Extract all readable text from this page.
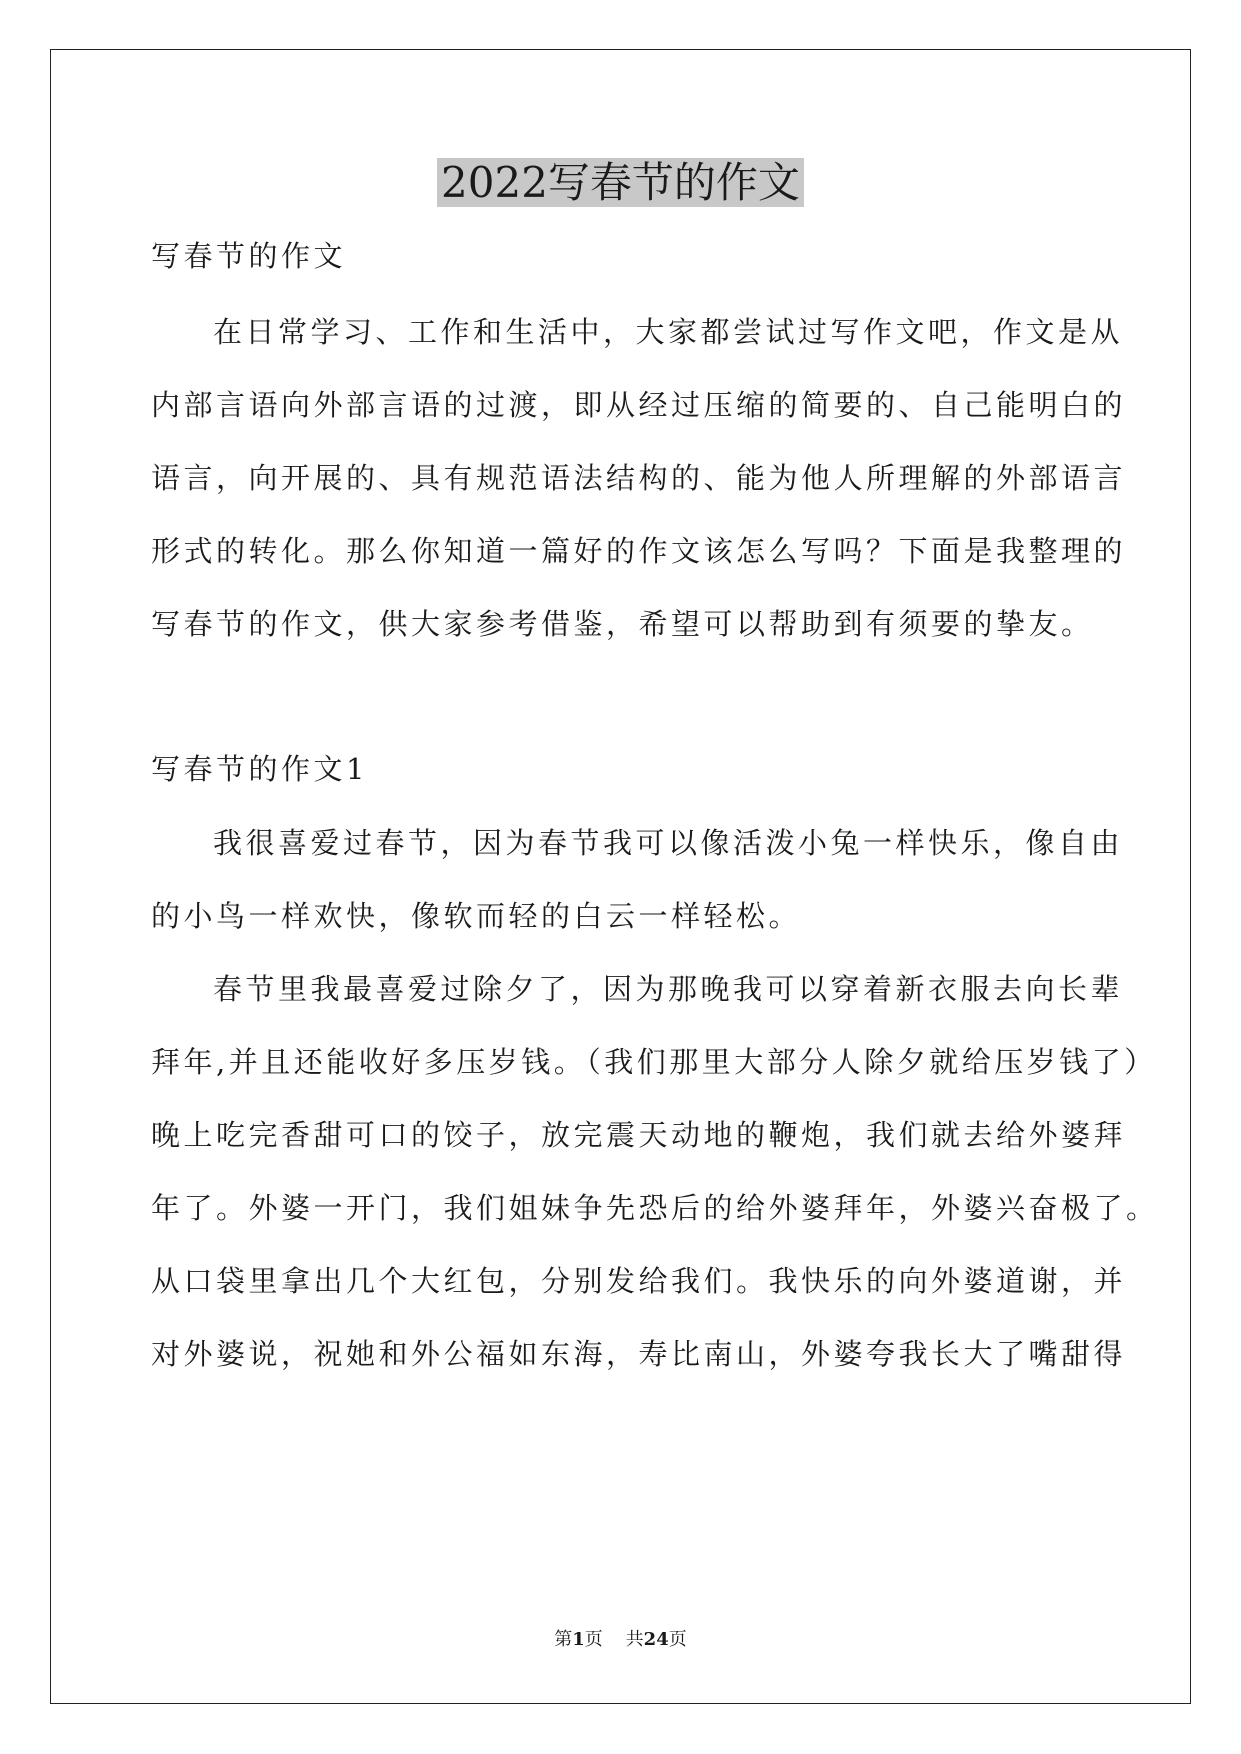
2022写春节的作文
写春节的作文
在日常学习、工作和生活中，大家都尝试过写作文吧，作文是从
内部言语向外部言语的过渡，即从经过压缩的简要的、自己能明白的
语言，向开展的、具有规范语法结构的、能为他人所理解的外部语言
形式的转化。那么你知道一篇好的作文该怎么写吗？下面是我整理的
写春节的作文，供大家参考借鉴，希望可以帮助到有须要的挚友。
写春节的作文1
我很喜爱过春节，因为春节我可以像活泼小兔一样快乐，像自由
的小鸟一样欢快，像软而轻的白云一样轻松。
春节里我最喜爱过除夕了，因为那晚我可以穿着新衣服去向长辈
拜年,并且还能收好多压岁钱。（我们那里大部分人除夕就给压岁钱了）
晚上吃完香甜可口的饺子，放完震天动地的鞭炮，我们就去给外婆拜
年了。外婆一开门，我们姐妹争先恐后的给外婆拜年，外婆兴奋极了。
从口袋里拿出几个大红包，分别发给我们。我快乐的向外婆道谢，并
对外婆说，祝她和外公福如东海，寿比南山，外婆夸我长大了嘴甜得
第1页 共24页
